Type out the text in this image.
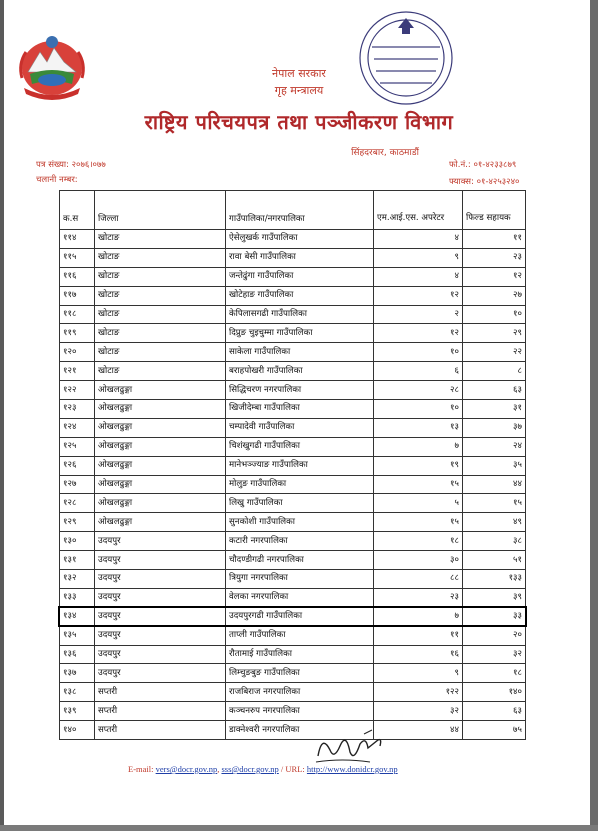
नेपाल सरकार
गृह मन्त्रालय
राष्ट्रिय परिचयपत्र तथा पञ्जीकरण विभाग
सिंहदरबार, काठमाडौं
पत्र संख्या: २०७६।०७७
चलानी नम्बर:
फो.नं.: ०१-४२३३८७९
फ्याक्स: ०१-४२५३२४०
क.स	जिल्ला	गाउँपालिका/नगरपालिका	एम.आई.एस. अपरेटर	फिल्ड सहायक
११४	खोटाङ	ऐसेलुखर्क गाउँपालिका	४	११
११५	खोटाङ	रावा बेसी गाउँपालिका	९	२३
११६	खोटाङ	जन्तेढुंगा गाउँपालिका	४	१२
११७	खोटाङ	खोटेहाङ गाउँपालिका	१२	२७
११८	खोटाङ	केपिलासगढी गाउँपालिका	२	१०
११९	खोटाङ	दिप्रुङ चुइचुम्मा गाउँपालिका	१२	२९
१२०	खोटाङ	साकेला गाउँपालिका	१०	२२
१२१	खोटाङ	बराहपोखरी गाउँपालिका	६	८
१२२	ओखलढुङ्गा	सिद्धिचरण नगरपालिका	२८	६३
१२३	ओखलढुङ्गा	खिजीदेम्बा गाउँपालिका	१०	३१
१२४	ओखलढुङ्गा	चम्पादेवी गाउँपालिका	१३	३७
१२५	ओखलढुङ्गा	चिशंखुगढी गाउँपालिका	७	२४
१२६	ओखलढुङ्गा	मानेभञ्ज्याङ गाउँपालिका	१९	३५
१२७	ओखलढुङ्गा	मोलुङ गाउँपालिका	१५	४४
१२८	ओखलढुङ्गा	लिखु गाउँपालिका	५	१५
१२९	ओखलढुङ्गा	सुनकोशी गाउँपालिका	१५	४९
१३०	उदयपुर	कटारी नगरपालिका	१८	३८
१३१	उदयपुर	चौदण्डीगढी नगरपालिका	३०	५१
१३२	उदयपुर	त्रियुगा नगरपालिका	८८	१३३
१३३	उदयपुर	वेलका नगरपालिका	२३	३९
१३४	उदयपुर	उदयपुरगढी गाउँपालिका	७	३३
१३५	उदयपुर	ताप्ली गाउँपालिका	११	२०
१३६	उदयपुर	रौतामाई गाउँपालिका	१६	३२
१३७	उदयपुर	लिम्चुङबुङ गाउँपालिका	९	१८
१३८	सप्तरी	राजबिराज नगरपालिका	१२२	१४०
१३९	सप्तरी	कञ्चनरुप नगरपालिका	३२	६३
१४०	सप्तरी	डाक्नेश्वरी नगरपालिका	४४	७५
E-mail: vers@docr.gov.np, sss@docr.gov.np / URL: http://www.donidcr.gov.np
